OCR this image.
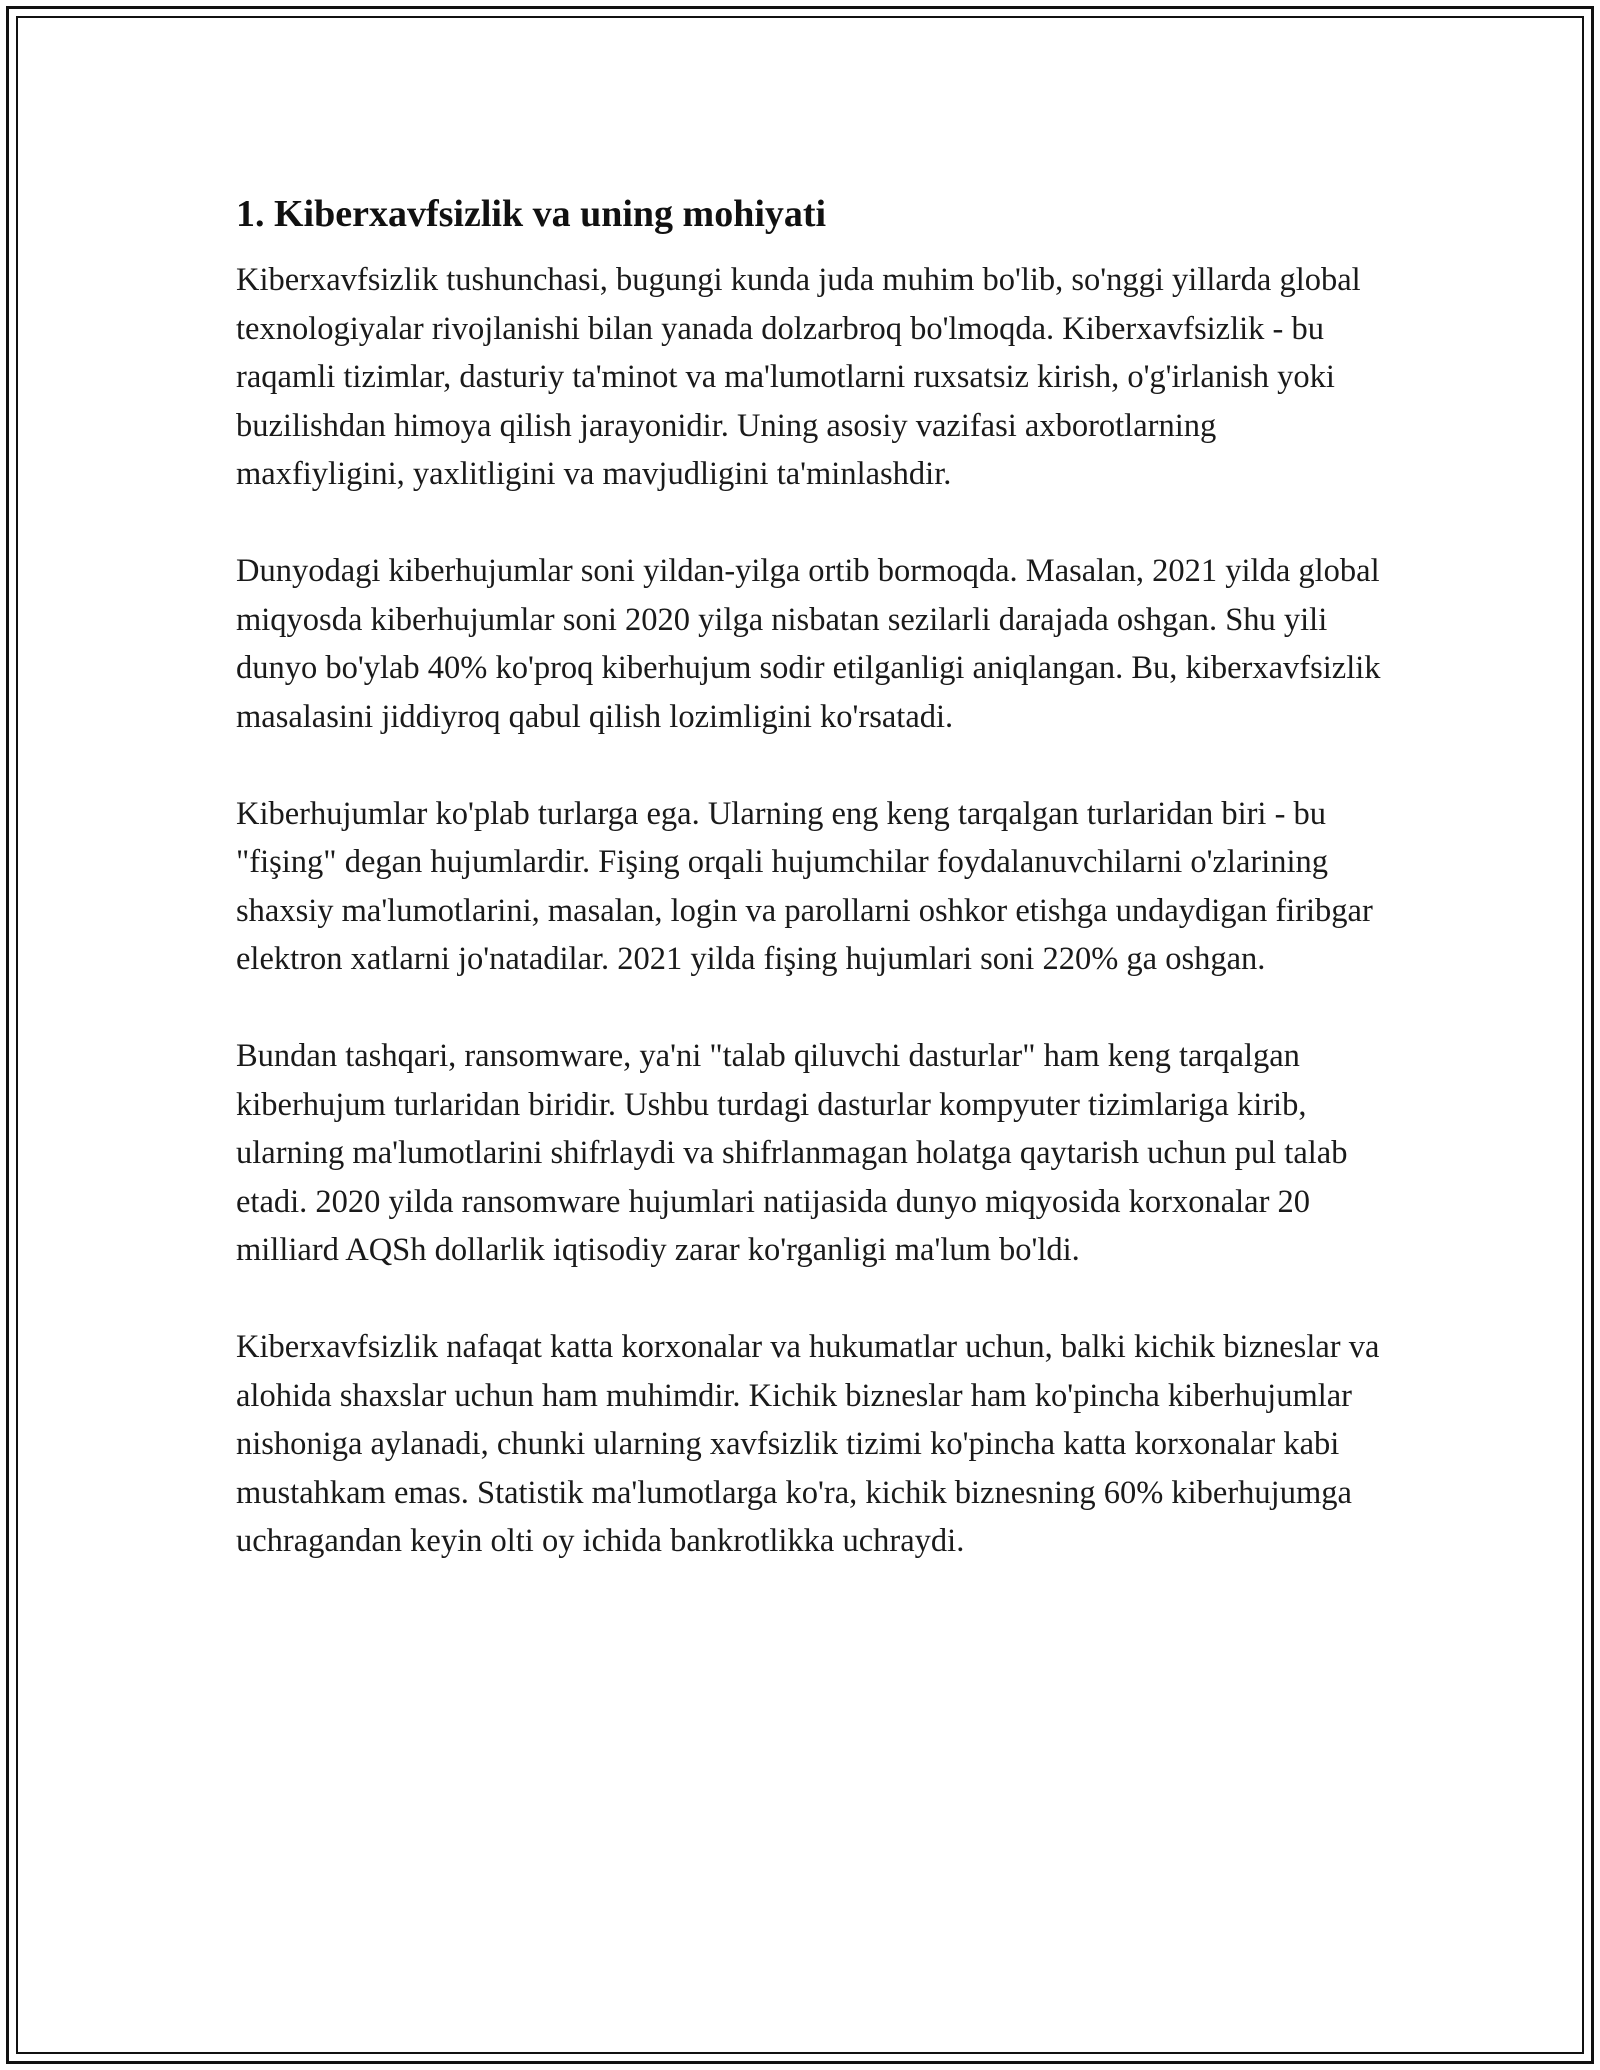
1. Kiberxavfsizlik va uning mohiyati

Kiberxavfsizlik tushunchasi, bugungi kunda juda muhim bo'lib, so'nggi yillarda global texnologiyalar rivojlanishi bilan yanada dolzarbroq bo'lmoqda. Kiberxavfsizlik - bu raqamli tizimlar, dasturiy ta'minot va ma'lumotlarni ruxsatsiz kirish, o'g'irlanish yoki buzilishdan himoya qilish jarayonidir. Uning asosiy vazifasi axborotlarning maxfiyligini, yaxlitligini va mavjudligini ta'minlashdir.

Dunyodagi kiberhujumlar soni yildan-yilga ortib bormoqda. Masalan, 2021 yilda global miqyosda kiberhujumlar soni 2020 yilga nisbatan sezilarli darajada oshgan. Shu yili dunyo bo'ylab 40% ko'proq kiberhujum sodir etilganligi aniqlangan. Bu, kiberxavfsizlik masalasini jiddiyroq qabul qilish lozimligini ko'rsatadi.

Kiberhujumlar ko'plab turlarga ega. Ularning eng keng tarqalgan turlaridan biri - bu "fişing" degan hujumlardir. Fişing orqali hujumchilar foydalanuvchilarni o'zlarining shaxsiy ma'lumotlarini, masalan, login va parollarni oshkor etishga undaydigan firibgar elektron xatlarni jo'natadilar. 2021 yilda fişing hujumlari soni 220% ga oshgan.

Bundan tashqari, ransomware, ya'ni "talab qiluvchi dasturlar" ham keng tarqalgan kiberhujum turlaridan biridir. Ushbu turdagi dasturlar kompyuter tizimlariga kirib, ularning ma'lumotlarini shifrlaydi va shifrlanmagan holatga qaytarish uchun pul talab etadi. 2020 yilda ransomware hujumlari natijasida dunyo miqyosida korxonalar 20 milliard AQSh dollarlik iqtisodiy zarar ko'rganligi ma'lum bo'ldi.

Kiberxavfsizlik nafaqat katta korxonalar va hukumatlar uchun, balki kichik bizneslar va alohida shaxslar uchun ham muhimdir. Kichik bizneslar ham ko'pincha kiberhujumlar nishoniga aylanadi, chunki ularning xavfsizlik tizimi ko'pincha katta korxonalar kabi mustahkam emas. Statistik ma'lumotlarga ko'ra, kichik biznesning 60% kiberhujumga uchragandan keyin olti oy ichida bankrotlikka uchraydi.
